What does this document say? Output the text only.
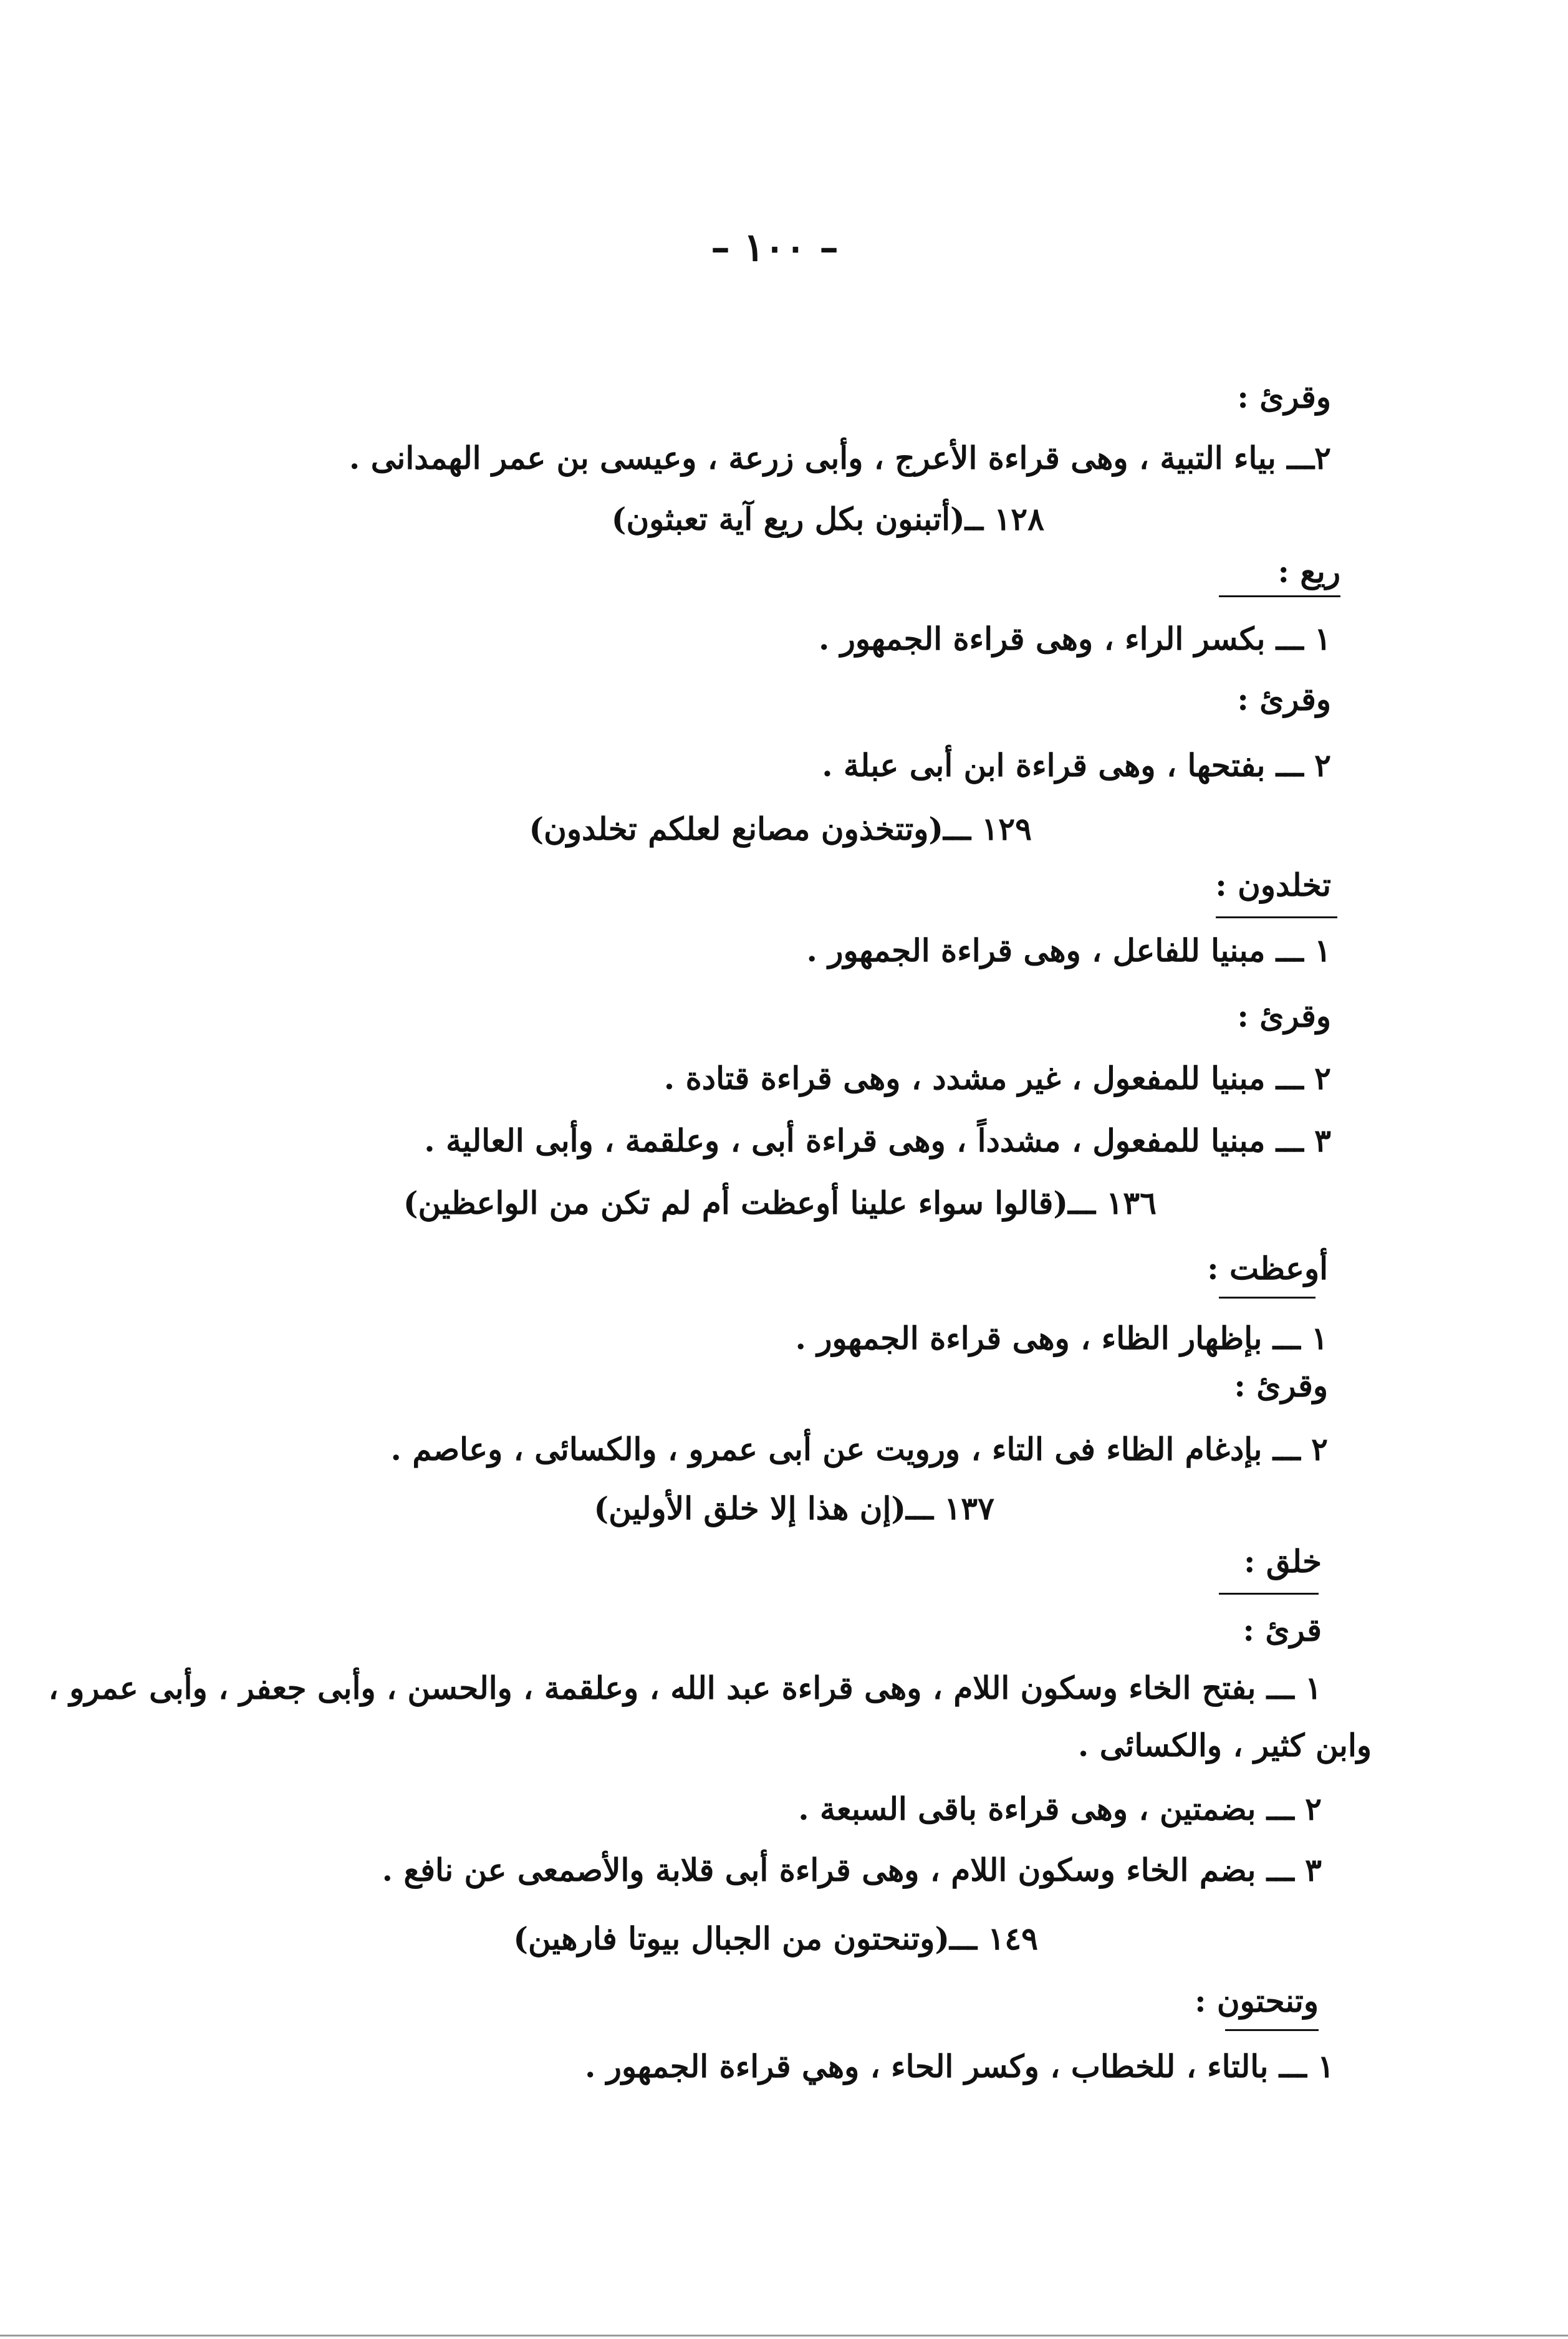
– ١٠٠ –
وقرئ :
٢ـــ بياء التبية ، وهى قراءة الأعرج ، وأبى زرعة ، وعيسى بن عمر الهمدانى .
١٢٨ ــ(أتبنون بكل ريع آية تعبثون)
ريع :
١ ـــ بكسر الراء ، وهى قراءة الجمهور .
وقرئ :
٢ ـــ بفتحها ، وهى قراءة ابن أبى عبلة .
١٢٩ ـــ(وتتخذون مصانع لعلكم تخلدون)
تخلدون :
١ ـــ مبنيا للفاعل ، وهى قراءة الجمهور .
وقرئ :
٢ ـــ مبنيا للمفعول ، غير مشدد ، وهى قراءة قتادة .
٣ ـــ مبنيا للمفعول ، مشدداً ، وهى قراءة أبى ، وعلقمة ، وأبى العالية .
١٣٦ ـــ(قالوا سواء علينا أوعظت أم لم تكن من الواعظين)
أوعظت :
١ ـــ بإظهار الظاء ، وهى قراءة الجمهور .
وقرئ :
٢ ـــ بإدغام الظاء فى التاء ، ورويت عن أبى عمرو ، والكسائى ، وعاصم .
١٣٧ ـــ(إن هذا إلا خلق الأولين)
خلق :
قرئ :
١ ـــ بفتح الخاء وسكون اللام ، وهى قراءة عبد الله ، وعلقمة ، والحسن ، وأبى جعفر ، وأبى عمرو ،
وابن كثير ، والكسائى .
٢ ـــ بضمتين ، وهى قراءة باقى السبعة .
٣ ـــ بضم الخاء وسكون اللام ، وهى قراءة أبى قلابة والأصمعى عن نافع .
١٤٩ ـــ(وتنحتون من الجبال بيوتا فارهين)
وتنحتون :
١ ـــ بالتاء ، للخطاب ، وكسر الحاء ، وهي قراءة الجمهور .
